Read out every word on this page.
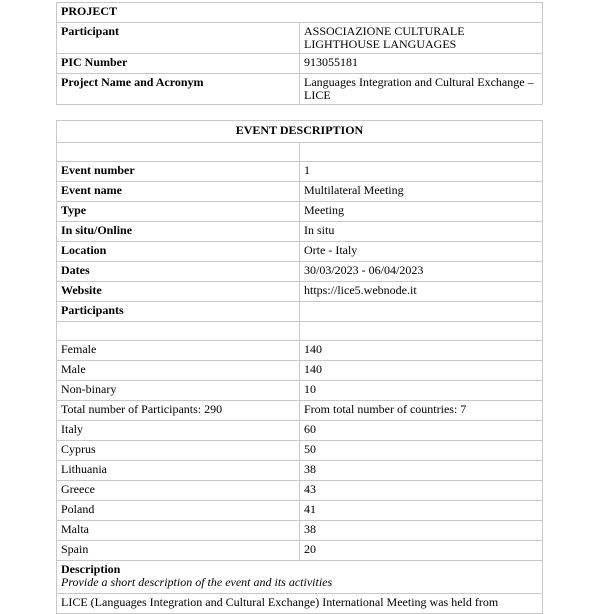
PROJECT	
Participant	ASSOCIAZIONE CULTURALE LIGHTHOUSE LANGUAGES
PIC Number	913055181
Project Name and Acronym	Languages Integration and Cultural Exchange – LICE
EVENT DESCRIPTION	

Event number	1
Event name	Multilateral Meeting
Type	Meeting
In situ/Online	In situ
Location	Orte - Italy
Dates	30/03/2023 - 06/04/2023
Website	https://lice5.webnode.it
Participants	

Female	140
Male	140
Non-binary	10
Total number of Participants: 290	From total number of countries: 7
Italy	60
Cyprus	50
Lithuania	38
Greece	43
Poland	41
Malta	38
Spain	20

Description
Provide a short description of the event and its activities	

LICE (Languages Integration and Cultural Exchange) International Meeting was held from	
